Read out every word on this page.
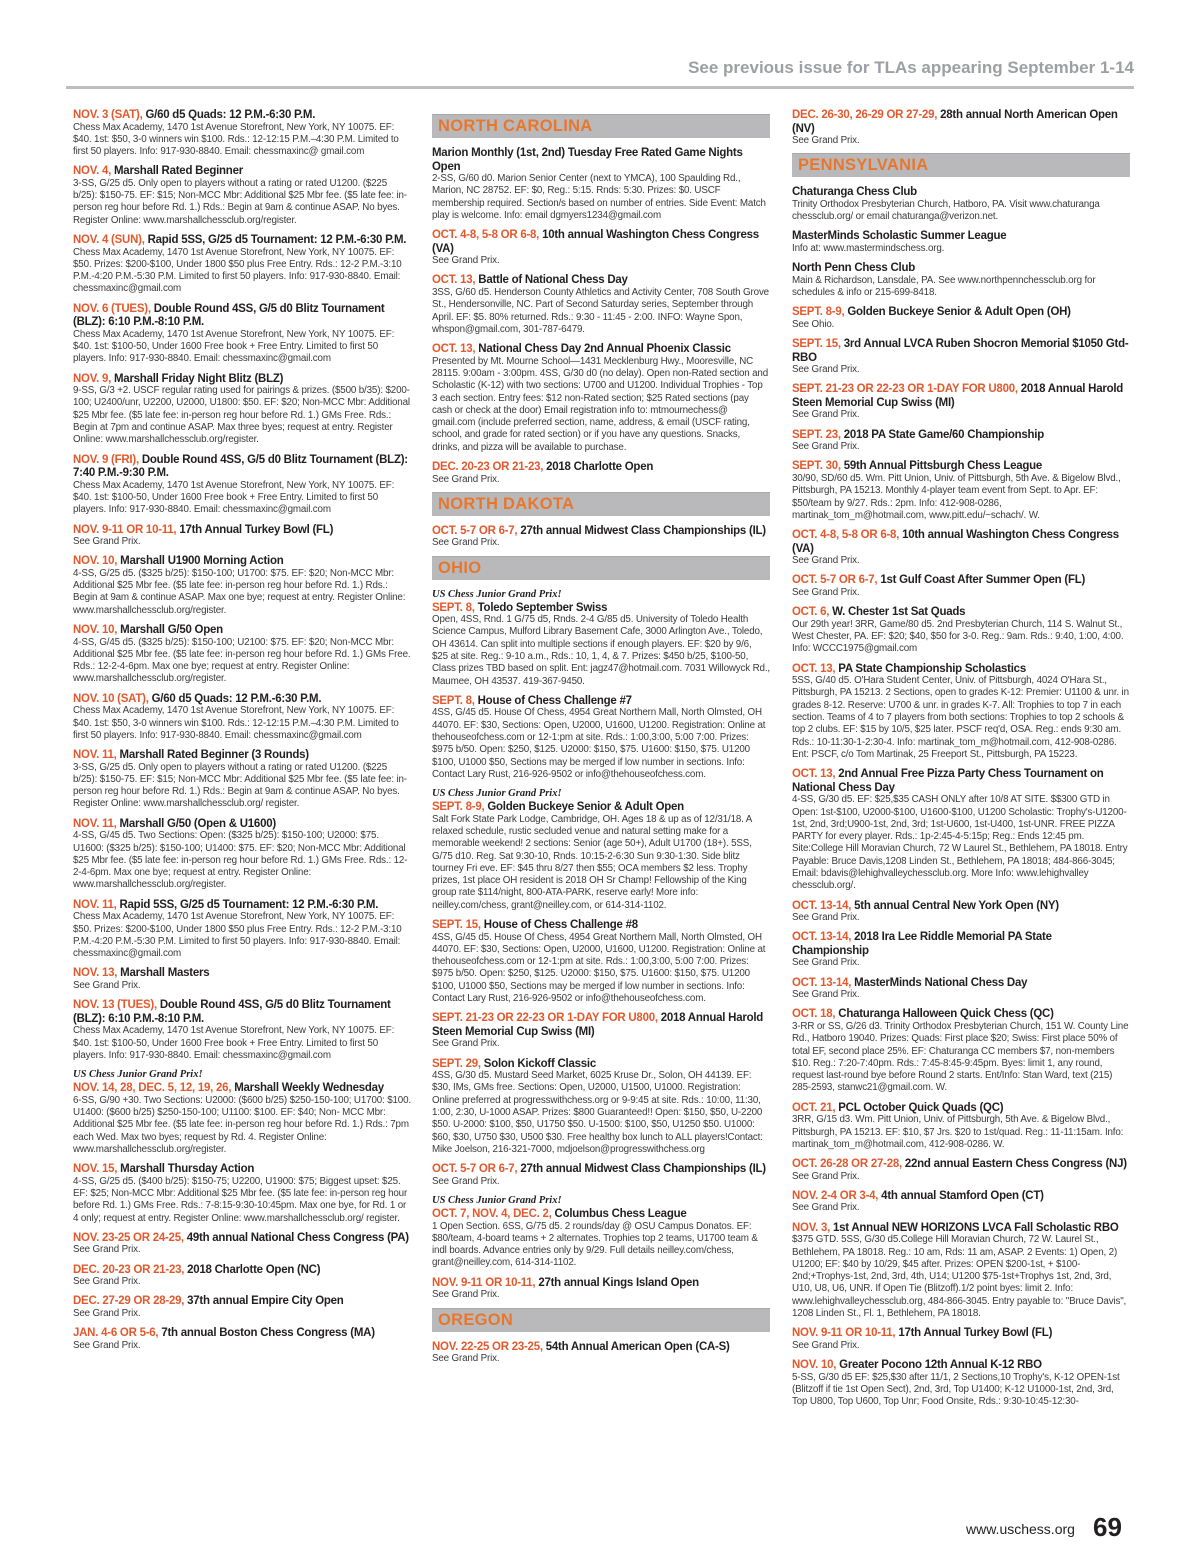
See previous issue for TLAs appearing September 1-14
NOV. 3 (SAT), G/60 d5 Quads: 12 P.M.-6:30 P.M.
Chess Max Academy, 1470 1st Avenue Storefront, New York, NY 10075. EF: $40. 1st: $50, 3-0 winners win $100. Rds.: 12-12:15 P.M.–4:30 P.M. Limited to first 50 players. Info: 917-930-8840. Email: chessmaxinc@ gmail.com
NOV. 4, Marshall Rated Beginner
3-SS, G/25 d5. Only open to players without a rating or rated U1200. ($225 b/25): $150-75. EF: $15; Non-MCC Mbr: Additional $25 Mbr fee. ($5 late fee: in-person reg hour before Rd. 1.) Rds.: Begin at 9am & continue ASAP. No byes. Register Online: www.marshallchessclub.org/register.
NOV. 4 (SUN), Rapid 5SS, G/25 d5 Tournament: 12 P.M.-6:30 P.M.
Chess Max Academy, 1470 1st Avenue Storefront, New York, NY 10075. EF: $50. Prizes: $200-$100, Under 1800 $50 plus Free Entry. Rds.: 12-2 P.M.-3:10 P.M.-4:20 P.M.-5:30 P.M. Limited to first 50 players. Info: 917-930-8840. Email: chessmaxinc@gmail.com
NOV. 6 (TUES), Double Round 4SS, G/5 d0 Blitz Tournament (BLZ): 6:10 P.M.-8:10 P.M.
Chess Max Academy, 1470 1st Avenue Storefront, New York, NY 10075. EF: $40. 1st: $100-50, Under 1600 Free book + Free Entry. Limited to first 50 players. Info: 917-930-8840. Email: chessmaxinc@gmail.com
NOV. 9, Marshall Friday Night Blitz (BLZ)
9-SS, G/3 +2. USCF regular rating used for pairings & prizes. ($500 b/35): $200-100; U2400/unr, U2200, U2000, U1800: $50. EF: $20; Non-MCC Mbr: Additional $25 Mbr fee. ($5 late fee: in-person reg hour before Rd. 1.) GMs Free. Rds.: Begin at 7pm and continue ASAP. Max three byes; request at entry. Register Online: www.marshallchessclub.org/register.
NOV. 9 (FRI), Double Round 4SS, G/5 d0 Blitz Tournament (BLZ): 7:40 P.M.-9:30 P.M.
Chess Max Academy, 1470 1st Avenue Storefront, New York, NY 10075. EF: $40. 1st: $100-50, Under 1600 Free book + Free Entry. Limited to first 50 players. Info: 917-930-8840. Email: chessmaxinc@gmail.com
NOV. 9-11 OR 10-11, 17th Annual Turkey Bowl (FL)
See Grand Prix.
NOV. 10, Marshall U1900 Morning Action
4-SS, G/25 d5. ($325 b/25): $150-100; U1700: $75. EF: $20; Non-MCC Mbr: Additional $25 Mbr fee. ($5 late fee: in-person reg hour before Rd. 1.) Rds.: Begin at 9am & continue ASAP. Max one bye; request at entry. Register Online: www.marshallchessclub.org/register.
NOV. 10, Marshall G/50 Open
4-SS, G/45 d5. ($325 b/25): $150-100; U2100: $75. EF: $20; Non-MCC Mbr: Additional $25 Mbr fee. ($5 late fee: in-person reg hour before Rd. 1.) GMs Free. Rds.: 12-2-4-6pm. Max one bye; request at entry. Register Online: www.marshallchessclub.org/register.
NOV. 10 (SAT), G/60 d5 Quads: 12 P.M.-6:30 P.M.
Chess Max Academy, 1470 1st Avenue Storefront, New York, NY 10075. EF: $40. 1st: $50, 3-0 winners win $100. Rds.: 12-12:15 P.M.–4:30 P.M. Limited to first 50 players. Info: 917-930-8840. Email: chessmaxinc@gmail.com
NOV. 11, Marshall Rated Beginner (3 Rounds)
3-SS, G/25 d5. Only open to players without a rating or rated U1200. ($225 b/25): $150-75. EF: $15; Non-MCC Mbr: Additional $25 Mbr fee. ($5 late fee: in-person reg hour before Rd. 1.) Rds.: Begin at 9am & continue ASAP. No byes. Register Online: www.marshallchessclub.org/ register.
NOV. 11, Marshall G/50 (Open & U1600)
4-SS, G/45 d5. Two Sections: Open: ($325 b/25): $150-100; U2000: $75. U1600: ($325 b/25): $150-100; U1400: $75. EF: $20; Non-MCC Mbr: Additional $25 Mbr fee. ($5 late fee: in-person reg hour before Rd. 1.) GMs Free. Rds.: 12-2-4-6pm. Max one bye; request at entry. Register Online: www.marshallchessclub.org/register.
NOV. 11, Rapid 5SS, G/25 d5 Tournament: 12 P.M.-6:30 P.M.
Chess Max Academy, 1470 1st Avenue Storefront, New York, NY 10075. EF: $50. Prizes: $200-$100, Under 1800 $50 plus Free Entry. Rds.: 12-2 P.M.-3:10 P.M.-4:20 P.M.-5:30 P.M. Limited to first 50 players. Info: 917-930-8840. Email: chessmaxinc@gmail.com
NOV. 13, Marshall Masters
See Grand Prix.
NOV. 13 (TUES), Double Round 4SS, G/5 d0 Blitz Tournament (BLZ): 6:10 P.M.-8:10 P.M.
Chess Max Academy, 1470 1st Avenue Storefront, New York, NY 10075. EF: $40. 1st: $100-50, Under 1600 Free book + Free Entry. Limited to first 50 players. Info: 917-930-8840. Email: chessmaxinc@gmail.com
US Chess Junior Grand Prix!
NOV. 14, 28, DEC. 5, 12, 19, 26, Marshall Weekly Wednesday
6-SS, G/90 +30. Two Sections: U2000: ($600 b/25) $250-150-100; U1700: $100. U1400: ($600 b/25) $250-150-100; U1100: $100. EF: $40; Non- MCC Mbr: Additional $25 Mbr fee. ($5 late fee: in-person reg hour before Rd. 1.) Rds.: 7pm each Wed. Max two byes; request by Rd. 4. Register Online: www.marshallchessclub.org/register.
NOV. 15, Marshall Thursday Action
4-SS, G/25 d5. ($400 b/25): $150-75; U2200, U1900: $75; Biggest upset: $25. EF: $25; Non-MCC Mbr: Additional $25 Mbr fee. ($5 late fee: in-person reg hour before Rd. 1.) GMs Free. Rds.: 7-8:15-9:30-10:45pm. Max one bye, for Rd. 1 or 4 only; request at entry. Register Online: www.marshallchessclub.org/ register.
NOV. 23-25 OR 24-25, 49th annual National Chess Congress (PA)
See Grand Prix.
DEC. 20-23 OR 21-23, 2018 Charlotte Open (NC)
See Grand Prix.
DEC. 27-29 OR 28-29, 37th annual Empire City Open
See Grand Prix.
JAN. 4-6 OR 5-6, 7th annual Boston Chess Congress (MA)
See Grand Prix.
NORTH CAROLINA
Marion Monthly (1st, 2nd) Tuesday Free Rated Game Nights Open
2-SS, G/60 d0. Marion Senior Center (next to YMCA), 100 Spaulding Rd., Marion, NC 28752. EF: $0, Reg.: 5:15. Rnds: 5:30. Prizes: $0. USCF membership required. Section/s based on number of entries. Side Event: Match play is welcome. Info: email dgmyers1234@gmail.com
OCT. 4-8, 5-8 OR 6-8, 10th annual Washington Chess Congress (VA)
See Grand Prix.
OCT. 13, Battle of National Chess Day
3SS, G/60 d5. Henderson County Athletics and Activity Center, 708 South Grove St., Hendersonville, NC. Part of Second Saturday series, September through April. EF: $5. 80% returned. Rds.: 9:30 - 11:45 - 2:00. INFO: Wayne Spon, whspon@gmail.com, 301-787-6479.
OCT. 13, National Chess Day 2nd Annual Phoenix Classic
Presented by Mt. Mourne School—1431 Mecklenburg Hwy., Mooresville, NC 28115. 9:00am - 3:00pm. 4SS, G/30 d0 (no delay). Open non-Rated section and Scholastic (K-12) with two sections: U700 and U1200. Individual Trophies - Top 3 each section. Entry fees: $12 non-Rated section; $25 Rated sections (pay cash or check at the door) Email registration info to: mtmournechess@ gmail.com (include preferred section, name, address, & email (USCF rating, school, and grade for rated section) or if you have any questions. Snacks, drinks, and pizza will be available to purchase.
DEC. 20-23 OR 21-23, 2018 Charlotte Open
See Grand Prix.
NORTH DAKOTA
OCT. 5-7 OR 6-7, 27th annual Midwest Class Championships (IL)
See Grand Prix.
OHIO
US Chess Junior Grand Prix!
SEPT. 8, Toledo September Swiss
Open, 4SS, Rnd. 1 G/75 d5, Rnds. 2-4 G/85 d5. University of Toledo Health Science Campus, Mulford Library Basement Cafe, 3000 Arlington Ave., Toledo, OH 43614. Can split into multiple sections if enough players. EF: $20 by 9/6, $25 at site. Reg.: 9-10 a.m., Rds.: 10, 1, 4, & 7. Prizes: $450 b/25, $100-50, Class prizes TBD based on split. Ent: jagz47@hotmail.com. 7031 Willowyck Rd., Maumee, OH 43537. 419-367-9450.
SEPT. 8, House of Chess Challenge #7
4SS, G/45 d5. House Of Chess, 4954 Great Northern Mall, North Olmsted, OH 44070. EF: $30, Sections: Open, U2000, U1600, U1200. Registration: Online at thehouseofchess.com or 12-1:pm at site. Rds.: 1:00,3:00, 5:00 7:00. Prizes: $975 b/50. Open: $250, $125. U2000: $150, $75. U1600: $150, $75. U1200 $100, U1000 $50, Sections may be merged if low number in sections. Info: Contact Lary Rust, 216-926-9502 or info@thehouseofchess.com.
US Chess Junior Grand Prix!
SEPT. 8-9, Golden Buckeye Senior & Adult Open
Salt Fork State Park Lodge, Cambridge, OH. Ages 18 & up as of 12/31/18. A relaxed schedule, rustic secluded venue and natural setting make for a memorable weekend! 2 sections: Senior (age 50+), Adult U1700 (18+). 5SS, G/75 d10. Reg. Sat 9:30-10, Rnds. 10:15-2-6:30 Sun 9:30-1:30. Side blitz tourney Fri eve. EF: $45 thru 8/27 then $55; OCA members $2 less. Trophy prizes, 1st place OH resident is 2018 OH Sr Champ! Fellowship of the King group rate $114/night, 800-ATA-PARK, reserve early! More info: neilley.com/chess, grant@neilley.com, or 614-314-1102.
SEPT. 15, House of Chess Challenge #8
4SS, G/45 d5. House Of Chess, 4954 Great Northern Mall, North Olmsted, OH 44070. EF: $30, Sections: Open, U2000, U1600, U1200. Registration: Online at thehouseofchess.com or 12-1:pm at site. Rds.: 1:00,3:00, 5:00 7:00. Prizes: $975 b/50. Open: $250, $125. U2000: $150, $75. U1600: $150, $75. U1200 $100, U1000 $50, Sections may be merged if low number in sections. Info: Contact Lary Rust, 216-926-9502 or info@thehouseofchess.com.
SEPT. 21-23 OR 22-23 OR 1-DAY FOR U800, 2018 Annual Harold Steen Memorial Cup Swiss (MI)
See Grand Prix.
SEPT. 29, Solon Kickoff Classic
4SS, G/30 d5. Mustard Seed Market, 6025 Kruse Dr., Solon, OH 44139. EF: $30, IMs, GMs free. Sections: Open, U2000, U1500, U1000. Registration: Online preferred at progresswithchess.org or 9-9:45 at site. Rds.: 10:00, 11:30, 1:00, 2:30, U-1000 ASAP. Prizes: $800 Guaranteed!! Open: $150, $50, U-2200 $50. U-2000: $100, $50, U1750 $50. U-1500: $100, $50, U1250 $50. U1000: $60, $30, U750 $30, U500 $30. Free healthy box lunch to ALL players!Contact: Mike Joelson, 216-321-7000, mdjoelson@progresswithchess.org
OCT. 5-7 OR 6-7, 27th annual Midwest Class Championships (IL)
See Grand Prix.
US Chess Junior Grand Prix!
OCT. 7, NOV. 4, DEC. 2, Columbus Chess League
1 Open Section. 6SS, G/75 d5. 2 rounds/day @ OSU Campus Donatos. EF: $80/team, 4-board teams + 2 alternates. Trophies top 2 teams, U1700 team & indl boards. Advance entries only by 9/29. Full details neilley.com/chess, grant@neilley.com, 614-314-1102.
NOV. 9-11 OR 10-11, 27th annual Kings Island Open
See Grand Prix.
OREGON
NOV. 22-25 OR 23-25, 54th Annual American Open (CA-S)
See Grand Prix.
DEC. 26-30, 26-29 OR 27-29, 28th annual North American Open (NV)
See Grand Prix.
PENNSYLVANIA
Chaturanga Chess Club
Trinity Orthodox Presbyterian Church, Hatboro, PA. Visit www.chaturanga chessclub.org/ or email chaturanga@verizon.net.
MasterMinds Scholastic Summer League
Info at: www.mastermindschess.org.
North Penn Chess Club
Main & Richardson, Lansdale, PA. See www.northpennchessclub.org for schedules & info or 215-699-8418.
SEPT. 8-9, Golden Buckeye Senior & Adult Open (OH)
See Ohio.
SEPT. 15, 3rd Annual LVCA Ruben Shocron Memorial $1050 Gtd-RBO
See Grand Prix.
SEPT. 21-23 OR 22-23 OR 1-DAY FOR U800, 2018 Annual Harold Steen Memorial Cup Swiss (MI)
See Grand Prix.
SEPT. 23, 2018 PA State Game/60 Championship
See Grand Prix.
SEPT. 30, 59th Annual Pittsburgh Chess League
30/90, SD/60 d5. Wm. Pitt Union, Univ. of Pittsburgh, 5th Ave. & Bigelow Blvd., Pittsburgh, PA 15213. Monthly 4-player team event from Sept. to Apr. EF: $50/team by 9/27. Rds.: 2pm. Info: 412-908-0286, martinak_tom_m@hotmail.com, www.pitt.edu/~schach/. W.
OCT. 4-8, 5-8 OR 6-8, 10th annual Washington Chess Congress (VA)
See Grand Prix.
OCT. 5-7 OR 6-7, 1st Gulf Coast After Summer Open (FL)
See Grand Prix.
OCT. 6, W. Chester 1st Sat Quads
Our 29th year! 3RR, Game/80 d5. 2nd Presbyterian Church, 114 S. Walnut St., West Chester, PA. EF: $20; $40, $50 for 3-0. Reg.: 9am. Rds.: 9:40, 1:00, 4:00. Info: WCCC1975@gmail.com
OCT. 13, PA State Championship Scholastics
5SS, G/40 d5. O'Hara Student Center, Univ. of Pittsburgh, 4024 O'Hara St., Pittsburgh, PA 15213. 2 Sections, open to grades K-12: Premier: U1100 & unr. in grades 8-12. Reserve: U700 & unr. in grades K-7. All: Trophies to top 7 in each section. Teams of 4 to 7 players from both sections: Trophies to top 2 schools & top 2 clubs. EF: $15 by 10/5, $25 later. PSCF req'd, OSA. Reg.: ends 9:30 am. Rds.: 10-11:30-1-2:30-4. Info: martinak_tom_m@hotmail.com, 412-908-0286. Ent: PSCF, c/o Tom Martinak, 25 Freeport St., Pittsburgh, PA 15223.
OCT. 13, 2nd Annual Free Pizza Party Chess Tournament on National Chess Day
4-SS, G/30 d5. EF: $25,$35 CASH ONLY after 10/8 AT SITE. $$300 GTD in Open: 1st-$100, U2000-$100, U1600-$100, U1200 Scholastic: Trophy's-U1200-1st, 2nd, 3rd;U900-1st, 2nd, 3rd; 1st-U600, 1st-U400, 1st-UNR. FREE PIZZA PARTY for every player. Rds.: 1p-2:45-4-5:15p; Reg.: Ends 12:45 pm. Site:College Hill Moravian Church, 72 W Laurel St., Bethlehem, PA 18018. Entry Payable: Bruce Davis,1208 Linden St., Bethlehem, PA 18018; 484-866-3045; Email: bdavis@lehighvalleychessclub.org. More Info: www.lehighvalley chessclub.org/.
OCT. 13-14, 5th annual Central New York Open (NY)
See Grand Prix.
OCT. 13-14, 2018 Ira Lee Riddle Memorial PA State Championship
See Grand Prix.
OCT. 13-14, MasterMinds National Chess Day
See Grand Prix.
OCT. 18, Chaturanga Halloween Quick Chess (QC)
3-RR or SS, G/26 d3. Trinity Orthodox Presbyterian Church, 151 W. County Line Rd., Hatboro 19040. Prizes: Quads: First place $20; Swiss: First place 50% of total EF, second place 25%. EF: Chaturanga CC members $7, non-members $10. Reg.: 7:20-7:40pm. Rds.: 7:45-8:45-9:45pm. Byes: limit 1, any round, request last-round bye before Round 2 starts. Ent/Info: Stan Ward, text (215) 285-2593, stanwc21@gmail.com. W.
OCT. 21, PCL October Quick Quads (QC)
3RR, G/15 d3. Wm. Pitt Union, Univ. of Pittsburgh, 5th Ave. & Bigelow Blvd., Pittsburgh, PA 15213. EF: $10, $7 Jrs. $20 to 1st/quad. Reg.: 11-11:15am. Info: martinak_tom_m@hotmail.com, 412-908-0286. W.
OCT. 26-28 OR 27-28, 22nd annual Eastern Chess Congress (NJ)
See Grand Prix.
NOV. 2-4 OR 3-4, 4th annual Stamford Open (CT)
See Grand Prix.
NOV. 3, 1st Annual NEW HORIZONS LVCA Fall Scholastic RBO
$375 GTD. 5SS, G/30 d5.College Hill Moravian Church, 72 W. Laurel St., Bethlehem, PA 18018. Reg.: 10 am, Rds: 11 am, ASAP. 2 Events: 1) Open, 2) U1200; EF: $40 by 10/29, $45 after. Prizes: OPEN $200-1st, + $100-2nd;+Trophys-1st, 2nd, 3rd, 4th, U14; U1200 $75-1st+Trophys 1st, 2nd, 3rd, U10, U8, U6, UNR. If Open Tie (Blitzoff).1/2 point byes: limit 2. Info: www.lehighvalleychessclub.org, 484-866-3045. Entry payable to: "Bruce Davis", 1208 Linden St., Fl. 1, Bethlehem, PA 18018.
NOV. 9-11 OR 10-11, 17th Annual Turkey Bowl (FL)
See Grand Prix.
NOV. 10, Greater Pocono 12th Annual K-12 RBO
5-SS, G/30 d5 EF: $25,$30 after 11/1, 2 Sections,10 Trophy's, K-12 OPEN-1st (Blitzoff if tie 1st Open Sect), 2nd, 3rd, Top U1400; K-12 U1000-1st, 2nd, 3rd, Top U800, Top U600, Top Unr; Food Onsite, Rds.: 9:30-10:45-12:30-
www.uschess.org 69
